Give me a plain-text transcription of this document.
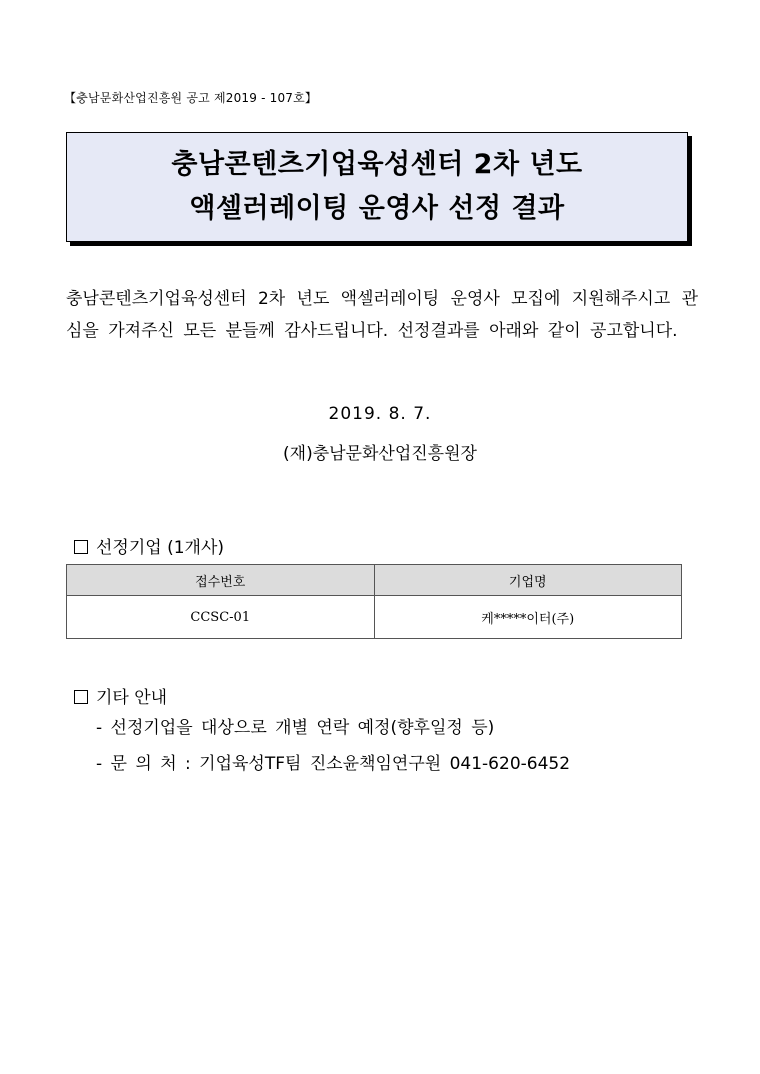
【충남문화산업진흥원 공고 제2019 - 107호】
충남콘텐츠기업육성센터 2차 년도
액셀러레이팅 운영사 선정 결과
충남콘텐츠기업육성센터 2차 년도 액셀러레이팅 운영사 모집에 지원해주시고 관심을 가져주신 모든 분들께 감사드립니다. 선정결과를 아래와 같이 공고합니다.
2019. 8. 7.
(재)충남문화산업진흥원장
선정기업 (1개사)
접수번호	기업명
CCSC-01	케*****이터(주)
기타 안내
- 선정기업을 대상으로 개별 연락 예정(향후일정 등)
- 문 의 처 : 기업육성TF팀 진소윤책임연구원 041-620-6452
